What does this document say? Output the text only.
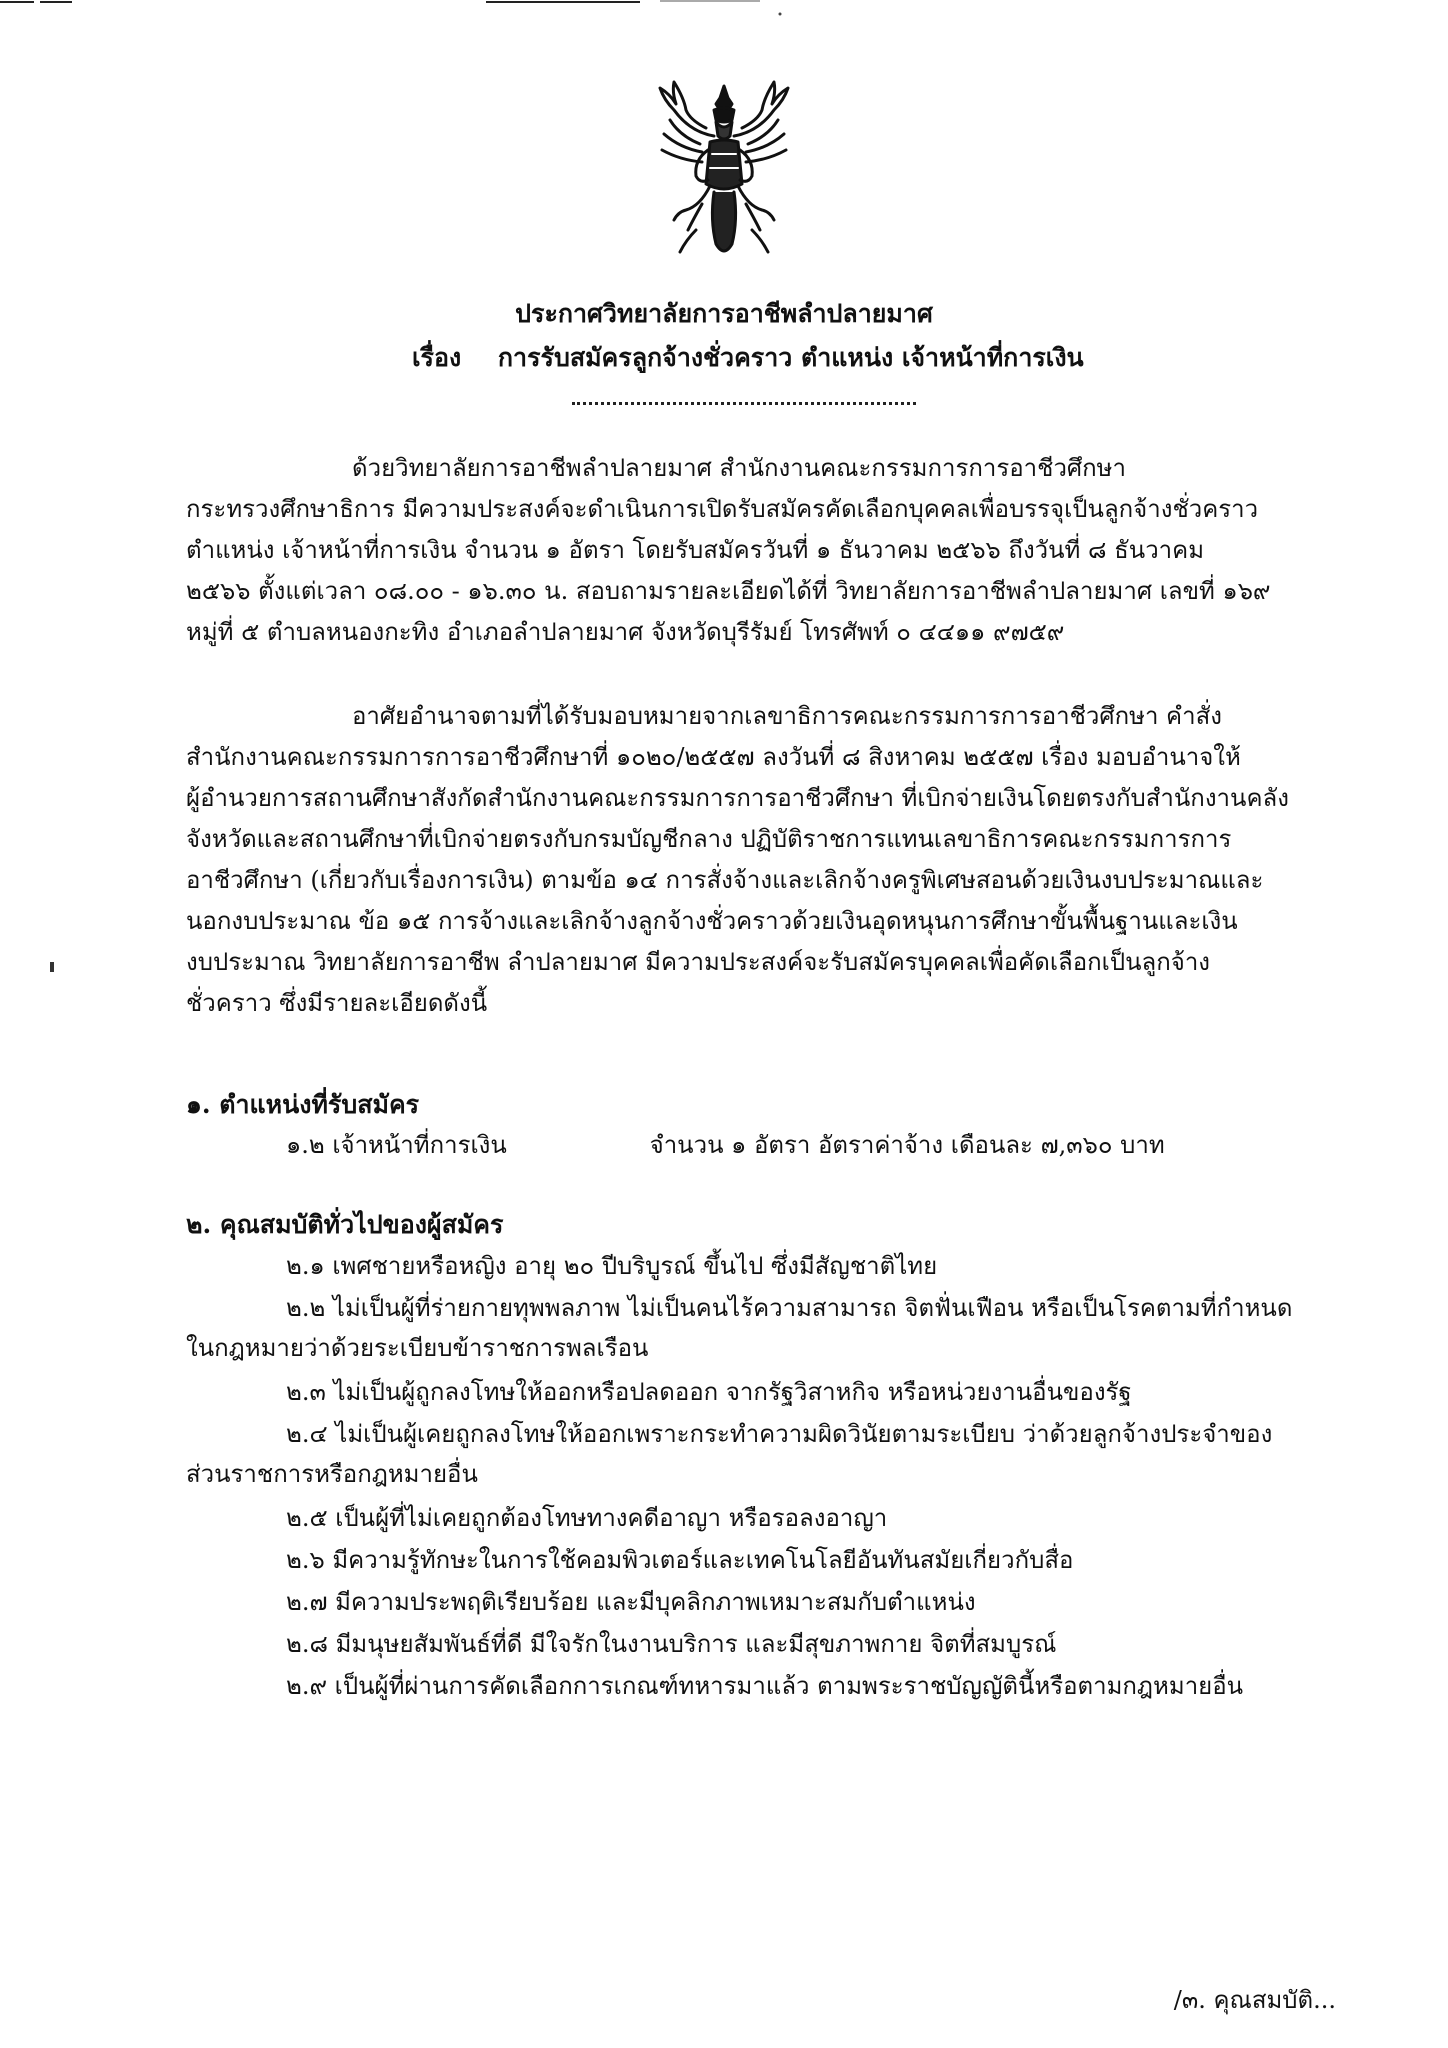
ประกาศวิทยาลัยการอาชีพลำปลายมาศ
เรื่อง การรับสมัครลูกจ้างชั่วคราว ตำแหน่ง เจ้าหน้าที่การเงิน

ด้วยวิทยาลัยการอาชีพลำปลายมาศ สำนักงานคณะกรรมการการอาชีวศึกษา
กระทรวงศึกษาธิการ มีความประสงค์จะดำเนินการเปิดรับสมัครคัดเลือกบุคคลเพื่อบรรจุเป็นลูกจ้างชั่วคราว
ตำแหน่ง เจ้าหน้าที่การเงิน จำนวน ๑ อัตรา โดยรับสมัครวันที่ ๑ ธันวาคม ๒๕๖๖ ถึงวันที่ ๘ ธันวาคม
๒๕๖๖ ตั้งแต่เวลา ๐๘.๐๐ - ๑๖.๓๐ น. สอบถามรายละเอียดได้ที่ วิทยาลัยการอาชีพลำปลายมาศ เลขที่ ๑๖๙
หมู่ที่ ๕ ตำบลหนองกะทิง อำเภอลำปลายมาศ จังหวัดบุรีรัมย์ โทรศัพท์ ๐ ๔๔๑๑ ๙๗๕๙

อาศัยอำนาจตามที่ได้รับมอบหมายจากเลขาธิการคณะกรรมการการอาชีวศึกษา คำสั่ง
สำนักงานคณะกรรมการการอาชีวศึกษาที่ ๑๐๒๐/๒๕๕๗ ลงวันที่ ๘ สิงหาคม ๒๕๕๗ เรื่อง มอบอำนาจให้
ผู้อำนวยการสถานศึกษาสังกัดสำนักงานคณะกรรมการการอาชีวศึกษา ที่เบิกจ่ายเงินโดยตรงกับสำนักงานคลัง
จังหวัดและสถานศึกษาที่เบิกจ่ายตรงกับกรมบัญชีกลาง ปฏิบัติราชการแทนเลขาธิการคณะกรรมการการ
อาชีวศึกษา (เกี่ยวกับเรื่องการเงิน) ตามข้อ ๑๔ การสั่งจ้างและเลิกจ้างครูพิเศษสอนด้วยเงินงบประมาณและ
นอกงบประมาณ ข้อ ๑๕ การจ้างและเลิกจ้างลูกจ้างชั่วคราวด้วยเงินอุดหนุนการศึกษาขั้นพื้นฐานและเงิน
งบประมาณ วิทยาลัยการอาชีพ ลำปลายมาศ มีความประสงค์จะรับสมัครบุคคลเพื่อคัดเลือกเป็นลูกจ้าง
ชั่วคราว ซึ่งมีรายละเอียดดังนี้

๑. ตำแหน่งที่รับสมัคร
๑.๒ เจ้าหน้าที่การเงิน	จำนวน ๑ อัตรา อัตราค่าจ้าง เดือนละ ๗,๓๖๐ บาท
๒. คุณสมบัติทั่วไปของผู้สมัคร
๒.๑ เพศชายหรือหญิง อายุ ๒๐ ปีบริบูรณ์ ขึ้นไป ซึ่งมีสัญชาติไทย
๒.๒ ไม่เป็นผู้ที่ร่ายกายทุพพลภาพ ไม่เป็นคนไร้ความสามารถ จิตฟั่นเฟือน หรือเป็นโรคตามที่กำหนด
ในกฎหมายว่าด้วยระเบียบข้าราชการพลเรือน
๒.๓ ไม่เป็นผู้ถูกลงโทษให้ออกหรือปลดออก จากรัฐวิสาหกิจ หรือหน่วยงานอื่นของรัฐ
๒.๔ ไม่เป็นผู้เคยถูกลงโทษให้ออกเพราะกระทำความผิดวินัยตามระเบียบ ว่าด้วยลูกจ้างประจำของ
ส่วนราชการหรือกฎหมายอื่น
๒.๕ เป็นผู้ที่ไม่เคยถูกต้องโทษทางคดีอาญา หรือรอลงอาญา
๒.๖ มีความรู้ทักษะในการใช้คอมพิวเตอร์และเทคโนโลยีอันทันสมัยเกี่ยวกับสื่อ
๒.๗ มีความประพฤติเรียบร้อย และมีบุคลิกภาพเหมาะสมกับตำแหน่ง
๒.๘ มีมนุษยสัมพันธ์ที่ดี มีใจรักในงานบริการ และมีสุขภาพกาย จิตที่สมบูรณ์
๒.๙ เป็นผู้ที่ผ่านการคัดเลือกการเกณฑ์ทหารมาแล้ว ตามพระราชบัญญัตินี้หรือตามกฎหมายอื่น
/๓. คุณสมบัติ...
